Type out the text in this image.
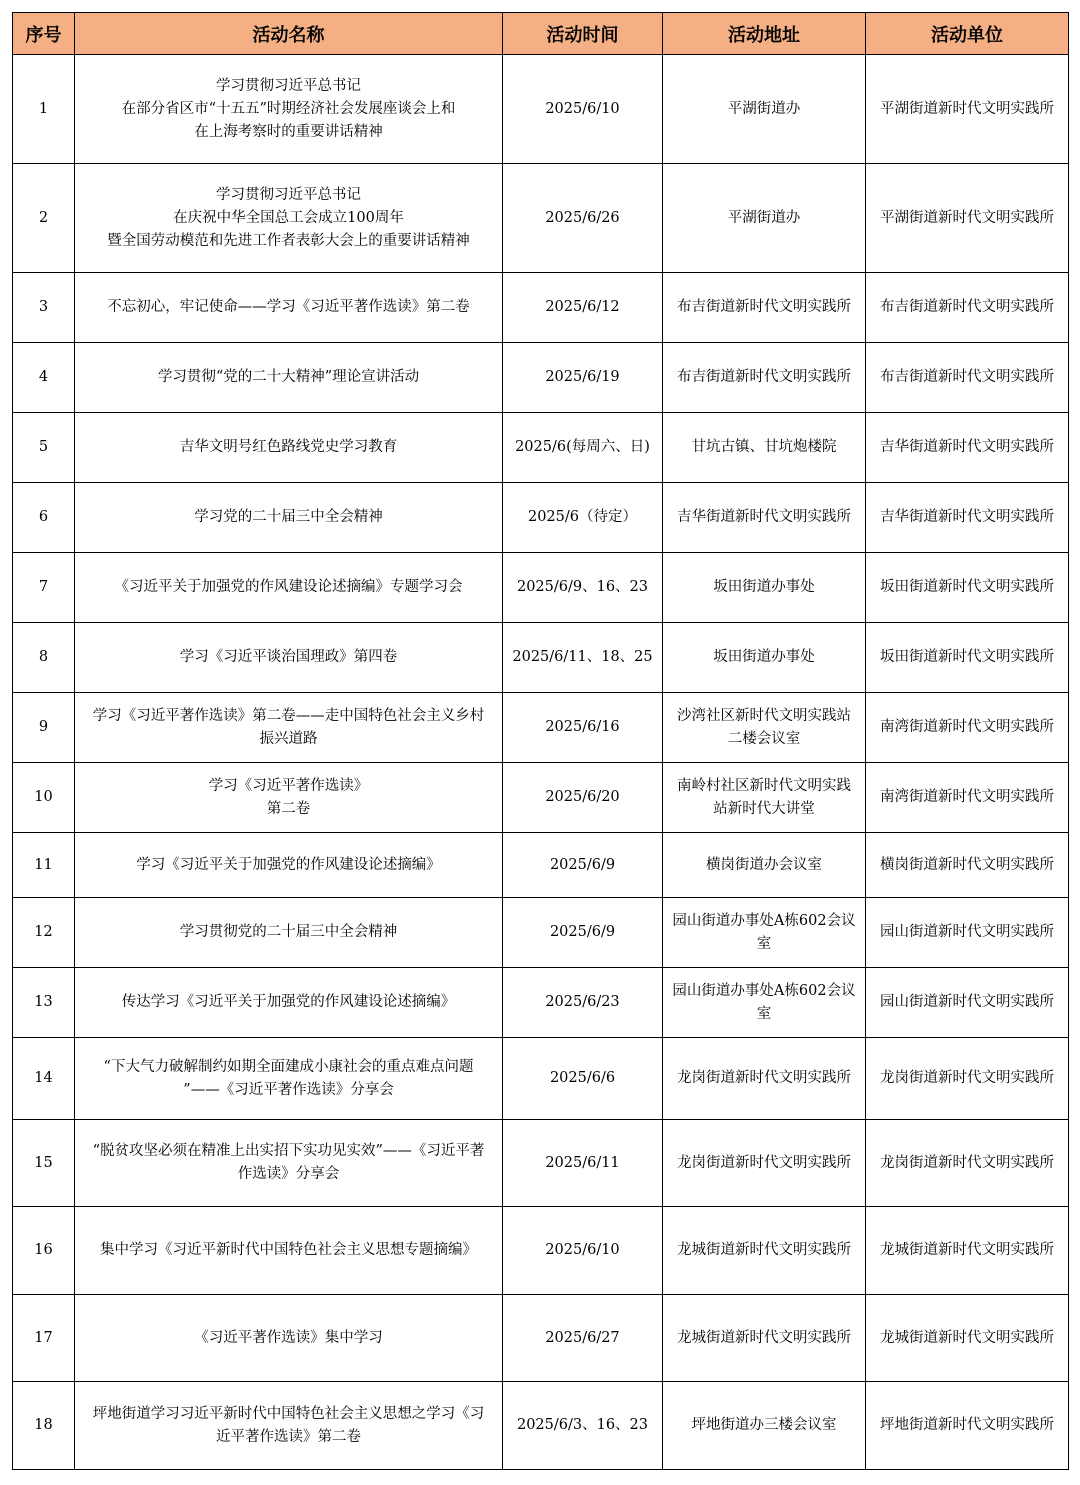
序号	活动名称	活动时间	活动地址	活动单位
1	学习贯彻习近平总书记
在部分省区市“十五五”时期经济社会发展座谈会上和
在上海考察时的重要讲话精神	2025/6/10	平湖街道办	平湖街道新时代文明实践所
2	学习贯彻习近平总书记
在庆祝中华全国总工会成立100周年
暨全国劳动模范和先进工作者表彰大会上的重要讲话精神	2025/6/26	平湖街道办	平湖街道新时代文明实践所
3	不忘初心，牢记使命——学习《习近平著作选读》第二卷	2025/6/12	布吉街道新时代文明实践所	布吉街道新时代文明实践所
4	学习贯彻“党的二十大精神”理论宣讲活动	2025/6/19	布吉街道新时代文明实践所	布吉街道新时代文明实践所
5	吉华文明号红色路线党史学习教育	2025/6(每周六、日)	甘坑古镇、甘坑炮楼院	吉华街道新时代文明实践所
6	学习党的二十届三中全会精神	2025/6（待定）	吉华街道新时代文明实践所	吉华街道新时代文明实践所
7	《习近平关于加强党的作风建设论述摘编》专题学习会	2025/6/9、16、23	坂田街道办事处	坂田街道新时代文明实践所
8	学习《习近平谈治国理政》第四卷	2025/6/11、18、25	坂田街道办事处	坂田街道新时代文明实践所
9	学习《习近平著作选读》第二卷——走中国特色社会主义乡村
振兴道路	2025/6/16	沙湾社区新时代文明实践站
二楼会议室	南湾街道新时代文明实践所
10	学习《习近平著作选读》
第二卷	2025/6/20	南岭村社区新时代文明实践
站新时代大讲堂	南湾街道新时代文明实践所
11	学习《习近平关于加强党的作风建设论述摘编》	2025/6/9	横岗街道办会议室	横岗街道新时代文明实践所
12	学习贯彻党的二十届三中全会精神	2025/6/9	园山街道办事处A栋602会议
室	园山街道新时代文明实践所
13	传达学习《习近平关于加强党的作风建设论述摘编》	2025/6/23	园山街道办事处A栋602会议
室	园山街道新时代文明实践所
14	“下大气力破解制约如期全面建成小康社会的重点难点问题
”——《习近平著作选读》分享会	2025/6/6	龙岗街道新时代文明实践所	龙岗街道新时代文明实践所
15	“脱贫攻坚必须在精准上出实招下实功见实效”——《习近平著
作选读》分享会	2025/6/11	龙岗街道新时代文明实践所	龙岗街道新时代文明实践所
16	集中学习《习近平新时代中国特色社会主义思想专题摘编》	2025/6/10	龙城街道新时代文明实践所	龙城街道新时代文明实践所
17	《习近平著作选读》集中学习	2025/6/27	龙城街道新时代文明实践所	龙城街道新时代文明实践所
18	坪地街道学习习近平新时代中国特色社会主义思想之学习《习
近平著作选读》第二卷	2025/6/3、16、23	坪地街道办三楼会议室	坪地街道新时代文明实践所
